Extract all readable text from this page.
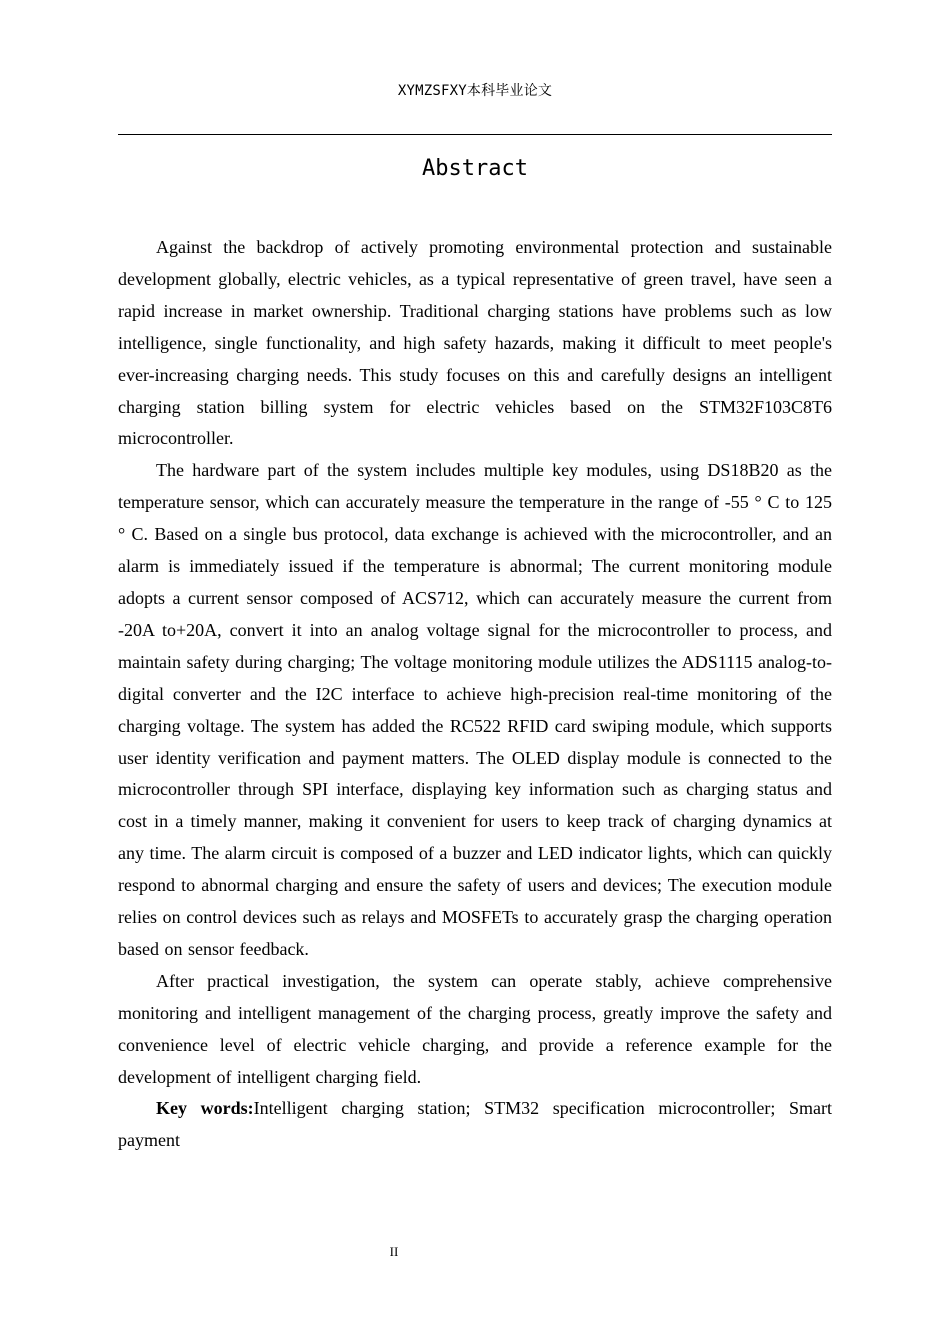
XYMZSFXY本科毕业论文
Abstract

Against the backdrop of actively promoting environmental protection and sustainable development globally, electric vehicles, as a typical representative of green travel, have seen a rapid increase in market ownership. Traditional charging stations have problems such as low intelligence, single functionality, and high safety hazards, making it difficult to meet people's ever-increasing charging needs. This study focuses on this and carefully designs an intelligent charging station billing system for electric vehicles based on the STM32F103C8T6 microcontroller.

The hardware part of the system includes multiple key modules, using DS18B20 as the temperature sensor, which can accurately measure the temperature in the range of -55 ° C to 125 ° C. Based on a single bus protocol, data exchange is achieved with the microcontroller, and an alarm is immediately issued if the temperature is abnormal; The current monitoring module adopts a current sensor composed of ACS712, which can accurately measure the current from -20A to+20A, convert it into an analog voltage signal for the microcontroller to process, and maintain safety during charging; The voltage monitoring module utilizes the ADS1115 analog-to-digital converter and the I2C interface to achieve high-precision real-time monitoring of the charging voltage. The system has added the RC522 RFID card swiping module, which supports user identity verification and payment matters. The OLED display module is connected to the microcontroller through SPI interface, displaying key information such as charging status and cost in a timely manner, making it convenient for users to keep track of charging dynamics at any time. The alarm circuit is composed of a buzzer and LED indicator lights, which can quickly respond to abnormal charging and ensure the safety of users and devices; The execution module relies on control devices such as relays and MOSFETs to accurately grasp the charging operation based on sensor feedback.

After practical investigation, the system can operate stably, achieve comprehensive monitoring and intelligent management of the charging process, greatly improve the safety and convenience level of electric vehicle charging, and provide a reference example for the development of intelligent charging field.

Key words:Intelligent charging station; STM32 specification microcontroller; Smart payment

II
